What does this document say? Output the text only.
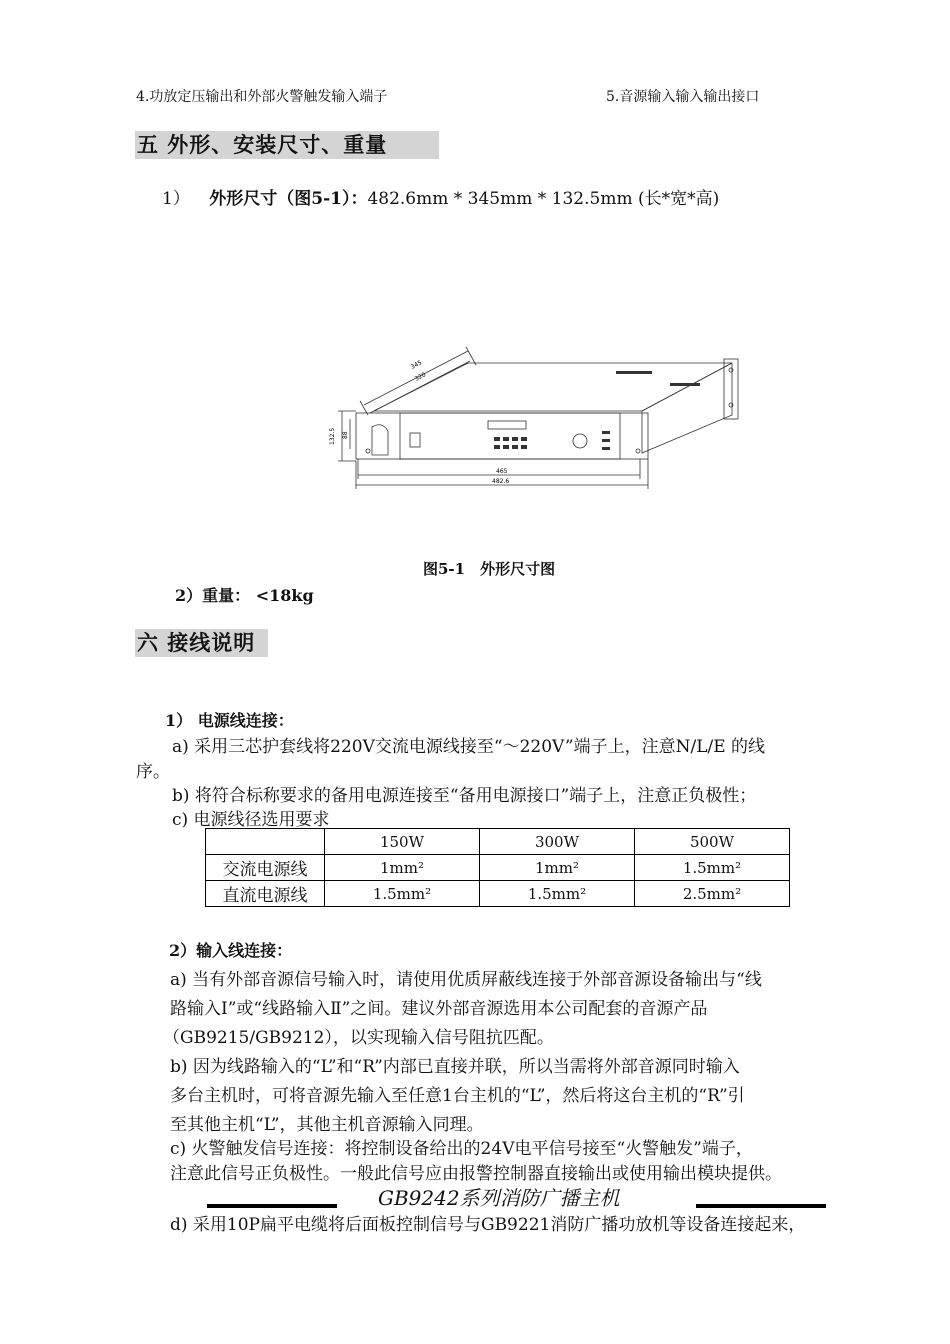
4.功放定压输出和外部火警触发输入端子	5.音源输入输入输出接口
五 外形、安装尺寸、重量
1） 外形尺寸（图5-1）：482.6mm * 345mm * 132.5mm (长*宽*高)
345
320
132.5 88
465
482.6
图5-1　外形尺寸图
2）重量： <18kg
六 接线说明
1） 电源线连接：
a) 采用三芯护套线将220V交流电源线接至“～220V”端子上，注意N/L/E 的线
序。
b) 将符合标称要求的备用电源连接至“备用电源接口”端子上，注意正负极性；
c) 电源线径选用要求
	150W	300W	500W
交流电源线	1mm²	1mm²	1.5mm²
直流电源线	1.5mm²	1.5mm²	2.5mm²
2）输入线连接：
a) 当有外部音源信号输入时，请使用优质屏蔽线连接于外部音源设备输出与“线
路输入Ⅰ”或“线路输入Ⅱ”之间。建议外部音源选用本公司配套的音源产品
（GB9215/GB9212），以实现输入信号阻抗匹配。
b) 因为线路输入的“L”和“R”内部已直接并联，所以当需将外部音源同时输入
多台主机时，可将音源先输入至任意1台主机的“L”，然后将这台主机的“R”引
至其他主机“L”，其他主机音源输入同理。
c) 火警触发信号连接：将控制设备给出的24V电平信号接至“火警触发”端子，
注意此信号正负极性。一般此信号应由报警控制器直接输出或使用输出模块提供。
GB9242系列消防广播主机
d) 采用10P扁平电缆将后面板控制信号与GB9221消防广播功放机等设备连接起来，
